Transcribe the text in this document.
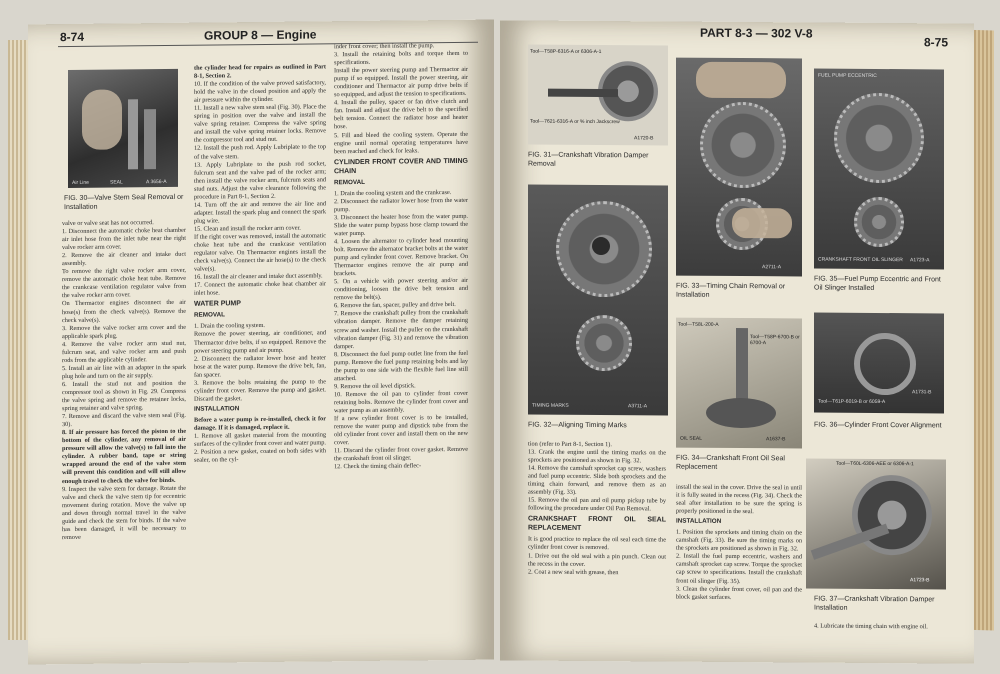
8-74	GROUP 8 — Engine
Air Line	SEAL	A 3656-A
FIG. 30—Valve Stem Seal Removal or Installation

valve or valve seat has not occurred.

1. Disconnect the automatic choke heat chamber air inlet hose from the inlet tube near the right valve rocker arm cover.

2. Remove the air cleaner and intake duct assembly.

To remove the right valve rocker arm cover, remove the automatic choke heat tube. Remove the crankcase ventilation regulator valve from the valve rocker arm cover.

On Thermactor engines disconnect the air hose(s) from the check valve(s). Remove the check valve(s).

3. Remove the valve rocker arm cover and the applicable spark plug.

4. Remove the valve rocker arm stud nut, fulcrum seat, and valve rocker arm and push rods from the applicable cylinder.

5. Install an air line with an adapter in the spark plug hole and turn on the air supply.

6. Install the stud nut and position the compressor tool as shown in Fig. 29. Compress the valve spring and remove the retainer locks, spring retainer and valve spring.

7. Remove and discard the valve stem seal (Fig. 30).

8. If air pressure has forced the piston to the bottom of the cylinder, any removal of air pressure will allow the valve(s) to fall into the cylinder. A rubber band, tape or string wrapped around the end of the valve stem will prevent this condition and will still allow enough travel to check the valve for binds.

9. Inspect the valve stem for damage. Rotate the valve and check the valve stem tip for eccentric movement during rotation. Move the valve up and down through normal travel in the valve guide and check the stem for binds. If the valve has been damaged, it will be necessary to remove

the cylinder head for repairs as outlined in Part 8-1, Section 2.

10. If the condition of the valve proved satisfactory, hold the valve in the closed position and apply the air pressure within the cylinder.

11. Install a new valve stem seal (Fig. 30). Place the spring in position over the valve and install the valve spring retainer. Compress the valve spring and install the valve spring retainer locks. Remove the compressor tool and stud nut.

12. Install the push rod. Apply Lubriplate to the top of the valve stem.

13. Apply Lubriplate to the push rod socket, fulcrum seat and the valve pad of the rocker arm; then install the valve rocker arm, fulcrum seats and stud nuts. Adjust the valve clearance following the procedure in Part 8-1, Section 2.

14. Turn off the air and remove the air line and adapter. Install the spark plug and connect the spark plug wire.

15. Clean and install the rocker arm cover.

If the right cover was removed, install the automatic choke heat tube and the crankcase ventilation regulator valve. On Thermactor engines install the check valve(s). Connect the air hose(s) to the check valve(s).

16. Install the air cleaner and intake duct assembly.

17. Connect the automatic choke heat chamber air inlet hose.

WATER PUMP
REMOVAL

1. Drain the cooling system.

Remove the power steering, air conditioner, and Thermactor drive belts, if so equipped. Remove the power steering pump and air pump.

2. Disconnect the radiator lower hose and heater hose at the water pump. Remove the drive belt, fan, fan spacer.

3. Remove the bolts retaining the pump to the cylinder front cover. Remove the pump and gasket. Discard the gasket.

INSTALLATION

Before a water pump is re-installed, check it for damage. If it is damaged, replace it.

1. Remove all gasket material from the mounting surfaces of the cylinder front cover and water pump.

2. Position a new gasket, coated on both sides with sealer, on the cyl-

inder front cover; then install the pump.

3. Install the retaining bolts and torque them to specifications.

Install the power steering pump and Thermactor air pump if so equipped. Install the power steering, air conditioner and Thermactor air pump drive belts if so equipped, and adjust the tension to specifications.

4. Install the pulley, spacer or fan drive clutch and fan. Install and adjust the drive belt to the specified belt tension. Connect the radiator hose and heater hose.

5. Fill and bleed the cooling system. Operate the engine until normal operating temperatures have been reached and check for leaks.

CYLINDER FRONT COVER AND TIMING CHAIN
REMOVAL

1. Drain the cooling system and the crankcase.

2. Disconnect the radiator lower hose from the water pump.

3. Disconnect the heater hose from the water pump. Slide the water pump bypass hose clamp toward the water pump.

4. Loosen the alternator to cylinder head mounting bolt. Remove the alternator bracket bolts at the water pump and cylinder front cover. Remove bracket. On Thermactor engines remove the air pump and brackets.

5. On a vehicle with power steering and/or air conditioning, loosen the drive belt tension and remove the belt(s).

6. Remove the fan, spacer, pulley and drive belt.

7. Remove the crankshaft pulley from the crankshaft vibration damper. Remove the damper retaining screw and washer. Install the puller on the crankshaft vibration damper (Fig. 31) and remove the vibration damper.

8. Disconnect the fuel pump outlet line from the fuel pump. Remove the fuel pump retaining bolts and lay the pump to one side with the flexible fuel line still attached.

9. Remove the oil level dipstick.

10. Remove the oil pan to cylinder front cover retaining bolts. Remove the cylinder front cover and water pump as an assembly.

If a new cylinder front cover is to be installed, remove the water pump and dipstick tube from the old cylinder front cover and install them on the new cover.

11. Discard the cylinder front cover gasket. Remove the crankshaft front oil slinger.

12. Check the timing chain deflec-

PART 8-3 — 302 V-8
8-75
Tool—T58P-6316-A or 6306-A-1
Tool—7621-6316-A or % inch Jackscrew
A1720-B
FIG. 31—Crankshaft Vibration Damper Removal
TIMING MARKS	A3711-A
FIG. 32—Aligning Timing Marks
A2711-A
FIG. 33—Timing Chain Removal or Installation
Tool—T58L-200-A
Tool—T58P-6700-B or 6700-A
OIL SEAL	A1637-B
FIG. 34—Crankshaft Front Oil Seal Replacement
FUEL PUMP ECCENTRIC
CRANKSHAFT FRONT OIL SLINGER A1723-A
FIG. 35—Fuel Pump Eccentric and Front Oil Slinger Installed
Tool—T61P-6019-B or 6059-A
A1731-B
FIG. 36—Cylinder Front Cover Alignment
Tool—T60L-6306-AEE or 6306-A-1
A1723-B
FIG. 37—Crankshaft Vibration Damper Installation

tion (refer to Part 8-1, Section 1).

13. Crank the engine until the timing marks on the sprockets are positioned as shown in Fig. 32.

14. Remove the camshaft sprocket cap screw, washers and fuel pump eccentric. Slide both sprockets and the timing chain forward, and remove them as an assembly (Fig. 33).

15. Remove the oil pan and oil pump pickup tube by following the procedure under Oil Pan Removal.

CRANKSHAFT FRONT OIL SEAL REPLACEMENT

It is good practice to replace the oil seal each time the cylinder front cover is removed.

1. Drive out the old seal with a pin punch. Clean out the recess in the cover.

2. Coat a new seal with grease, then

install the seal in the cover. Drive the seal in until it is fully seated in the recess (Fig. 34). Check the seal after installation to be sure the spring is properly positioned in the seal.

INSTALLATION

1. Position the sprockets and timing chain on the camshaft (Fig. 33). Be sure the timing marks on the sprockets are positioned as shown in Fig. 32.

2. Install the fuel pump eccentric, washers and camshaft sprocket cap screw. Torque the sprocket cap screw to specifications. Install the crankshaft front oil slinger (Fig. 35).

3. Clean the cylinder front cover, oil pan and the block gasket surfaces.

4. Lubricate the timing chain with engine oil.
